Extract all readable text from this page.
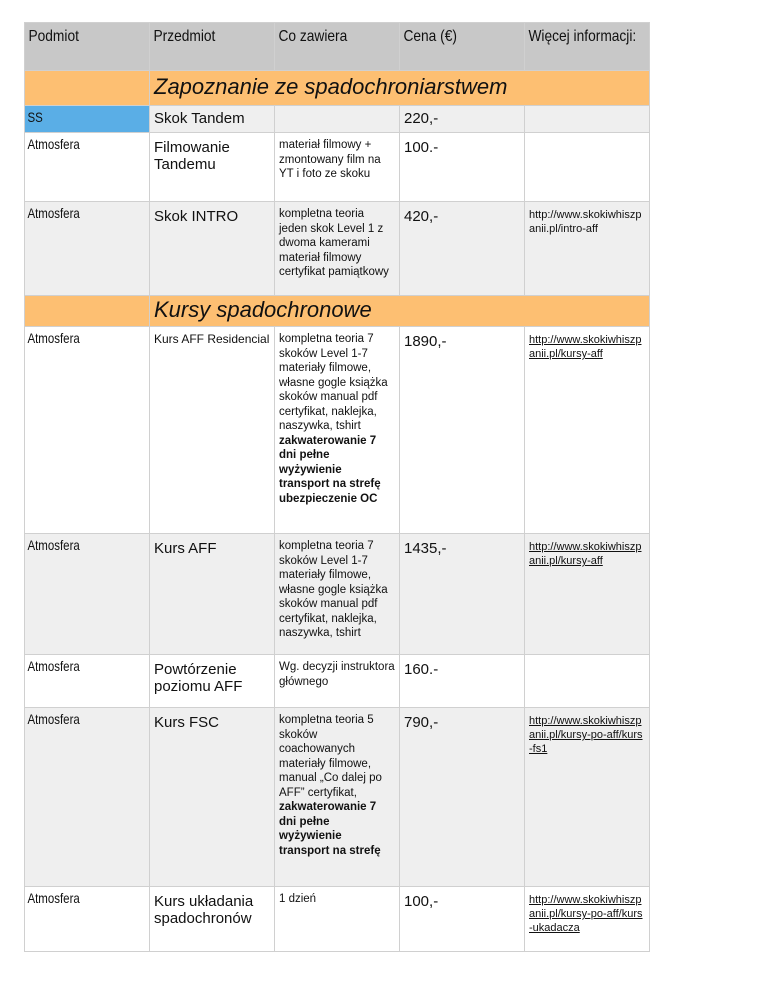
Podmiot	Przedmiot	Co zawiera	Cena (€)	Więcej informacji:

	Zapoznanie ze spadochroniarstwem			

SS	Skok Tandem		220,-	

Atmosfera	Filmowanie Tandemu	materiał filmowy + zmontowany film na YT i foto ze skoku	100.-	

Atmosfera	Skok INTRO	kompletna teoria jeden skok Level 1 z dwoma kamerami materiał filmowy certyfikat pamiątkowy	420,-	http://www.skokiwhiszpanii.pl/intro-aff

	Kursy spadochronowe			

Atmosfera	Kurs AFF Residencial	kompletna teoria 7 skoków Level 1-7 materiały filmowe, własne gogle książka skoków manual pdf certyfikat, naklejka, naszywka, tshirt
zakwaterowanie 7 dni pełne wyżywienie transport na strefę ubezpieczenie OC	1890,-	http://www.skokiwhiszpanii.pl/kursy-aff

Atmosfera	Kurs AFF	kompletna teoria 7 skoków Level 1-7 materiały filmowe, własne gogle książka skoków manual pdf certyfikat, naklejka, naszywka, tshirt	1435,-	http://www.skokiwhiszpanii.pl/kursy-aff

Atmosfera	Powtórzenie poziomu AFF	Wg. decyzji instruktora głównego	160.-	

Atmosfera	Kurs FSC	kompletna teoria 5 skoków coachowanych materiały filmowe, manual „Co dalej po AFF” certyfikat,
zakwaterowanie 7 dni pełne wyżywienie transport na strefę	790,-	http://www.skokiwhiszpanii.pl/kursy-po-aff/kurs-fs1

Atmosfera	Kurs układania spadochronów	1 dzień	100,-	http://www.skokiwhiszpanii.pl/kursy-po-aff/kurs-ukadacza
